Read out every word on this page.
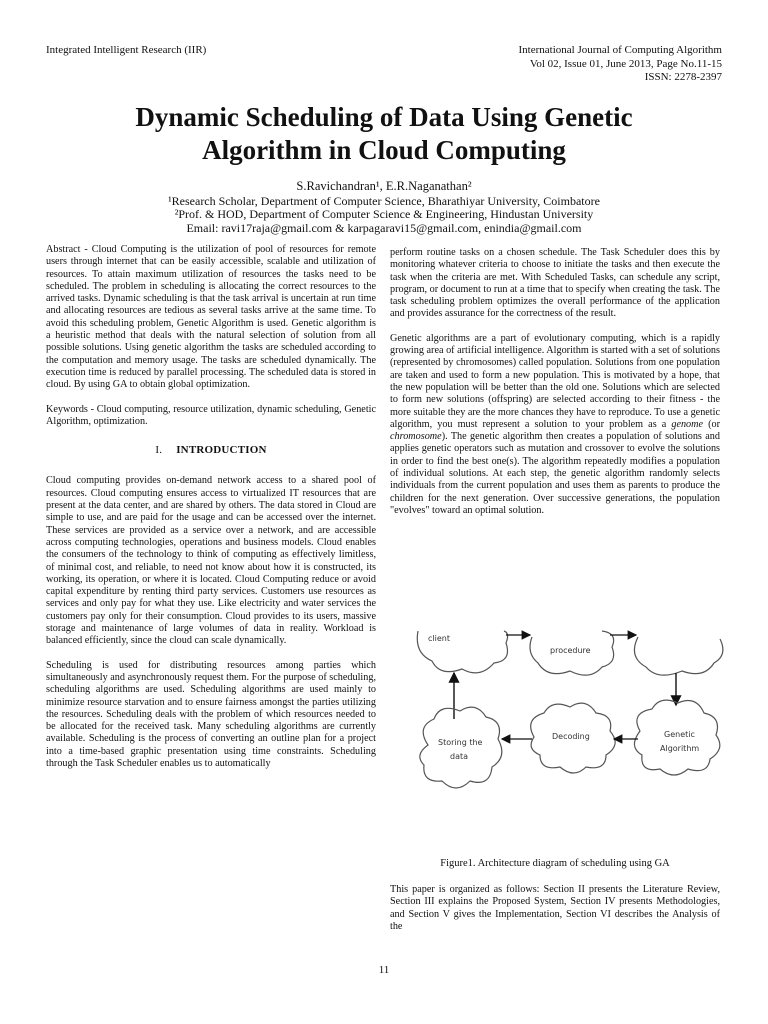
Integrated Intelligent Research (IIR)	International Journal of Computing Algorithm
Vol 02, Issue 01, June 2013, Page No.11-15
ISSN: 2278-2397
Dynamic Scheduling of Data Using Genetic
Algorithm in Cloud Computing
S.Ravichandran¹, E.R.Naganathan²
¹Research Scholar, Department of Computer Science, Bharathiyar University, Coimbatore
²Prof. & HOD, Department of Computer Science & Engineering, Hindustan University
Email: ravi17raja@gmail.com & karpagaravi15@gmail.com, enindia@gmail.com

Abstract - Cloud Computing is the utilization of pool of resources for remote users through internet that can be easily accessible, scalable and utilization of resources. To attain maximum utilization of resources the tasks need to be scheduled. The problem in scheduling is allocating the correct resources to the arrived tasks. Dynamic scheduling is that the task arrival is uncertain at run time and allocating resources are tedious as several tasks arrive at the same time. To avoid this scheduling problem, Genetic Algorithm is used. Genetic algorithm is a heuristic method that deals with the natural selection of solution from all possible solutions. Using genetic algorithm the tasks are scheduled according to the computation and memory usage. The tasks are scheduled dynamically. The execution time is reduced by parallel processing. The scheduled data is stored in cloud. By using GA to obtain global optimization.

Keywords - Cloud computing, resource utilization, dynamic scheduling, Genetic Algorithm, optimization.

I. INTRODUCTION

Cloud computing provides on-demand network access to a shared pool of resources. Cloud computing ensures access to virtualized IT resources that are present at the data center, and are shared by others. The data stored in Cloud are simple to use, and are paid for the usage and can be accessed over the internet. These services are provided as a service over a network, and are accessible across computing technologies, operations and business models. Cloud enables the consumers of the technology to think of computing as effectively limitless, of minimal cost, and reliable, to need not know about how it is constructed, its working, its operation, or where it is located. Cloud Computing reduce or avoid capital expenditure by renting third party services. Customers use resources as services and only pay for what they use. Like electricity and water services the customers pay only for their consumption. Cloud provides to its users, massive storage and maintenance of large volumes of data in reality. Workload is balanced efficiently, since the cloud can scale dynamically.

Scheduling is used for distributing resources among parties which simultaneously and asynchronously request them. For the purpose of scheduling, scheduling algorithms are used. Scheduling algorithms are used mainly to minimize resource starvation and to ensure fairness amongst the parties utilizing the resources. Scheduling deals with the problem of which resources needed to be allocated for the received task. Many scheduling algorithms are currently available. Scheduling is the process of converting an outline plan for a project into a time-based graphic presentation using time constraints. Scheduling through the Task Scheduler enables us to automatically

perform routine tasks on a chosen schedule. The Task Scheduler does this by monitoring whatever criteria to choose to initiate the tasks and then execute the task when the criteria are met. With Scheduled Tasks, can schedule any script, program, or document to run at a time that to specify when creating the task. The task scheduling problem optimizes the overall performance of the application and provides assurance for the correctness of the result.

Genetic algorithms are a part of evolutionary computing, which is a rapidly growing area of artificial intelligence. Algorithm is started with a set of solutions (represented by chromosomes) called population. Solutions from one population are taken and used to form a new population. This is motivated by a hope, that the new population will be better than the old one. Solutions which are selected to form new solutions (offspring) are selected according to their fitness - the more suitable they are the more chances they have to reproduce. To use a genetic algorithm, you must represent a solution to your problem as a genome (or chromosome). The genetic algorithm then creates a population of solutions and applies genetic operators such as mutation and crossover to evolve the solutions in order to find the best one(s). The algorithm repeatedly modifies a population of individual solutions. At each step, the genetic algorithm randomly selects individuals from the current population and uses them as parents to produce the children for the next generation. Over successive generations, the population "evolves" toward an optimal solution.

Storing the
data
Decoding	Genetic
Algorithm
client
procedure
Figure1. Architecture diagram of scheduling using GA
This paper is organized as follows: Section II presents the Literature Review, Section III explains the Proposed System, Section IV presents Methodologies, and Section V gives the Implementation, Section VI describes the Analysis of the
11
